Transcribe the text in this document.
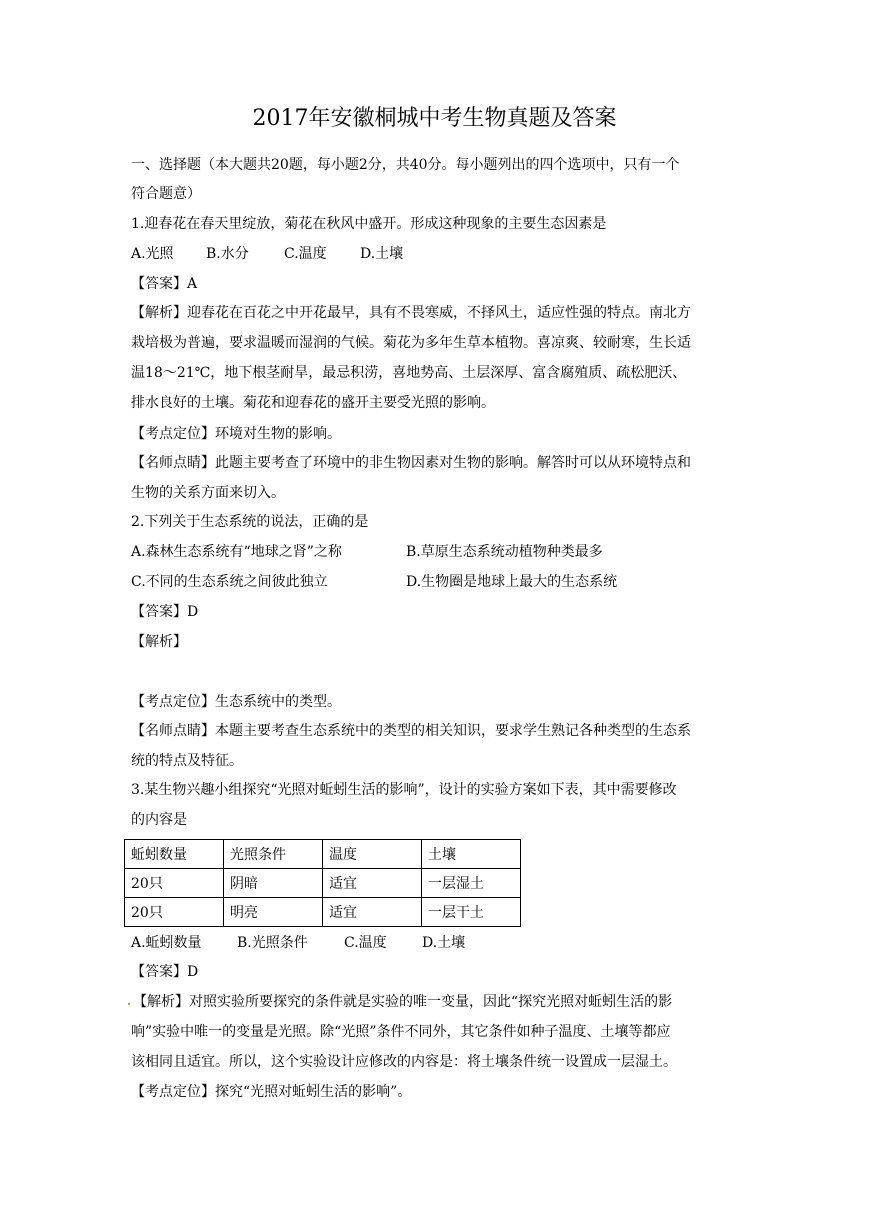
2017年安徽桐城中考生物真题及答案
一、选择题（本大题共20题，每小题2分，共40分。每小题列出的四个选项中，只有一个
符合题意）
1.迎春花在春天里绽放，菊花在秋风中盛开。形成这种现象的主要生态因素是
A.光照 B.水分	C.温度 D.土壤
【答案】A
【解析】迎春花在百花之中开花最早，具有不畏寒威，不择风土，适应性强的特点。南北方
栽培极为普遍，要求温暖而湿润的气候。菊花为多年生草本植物。喜凉爽、较耐寒，生长适
温18～21℃，地下根茎耐旱，最忌积涝，喜地势高、土层深厚、富含腐殖质、疏松肥沃、
排水良好的土壤。菊花和迎春花的盛开主要受光照的影响。
【考点定位】环境对生物的影响。
【名师点睛】此题主要考查了环境中的非生物因素对生物的影响。解答时可以从环境特点和
生物的关系方面来切入。
2.下列关于生态系统的说法，正确的是
A.森林生态系统有“地球之肾”之称	B.草原生态系统动植物种类最多
C.不同的生态系统之间彼此独立	D.生物圈是地球上最大的生态系统
【答案】D
【解析】
【考点定位】生态系统中的类型。
【名师点睛】本题主要考查生态系统中的类型的相关知识，要求学生熟记各种类型的生态系
统的特点及特征。
3.某生物兴趣小组探究“光照对蚯蚓生活的影响”，设计的实验方案如下表，其中需要修改
的内容是
蚯蚓数量	光照条件	温度	土壤
20只	阴暗	适宜	一层湿土
20只	明亮	适宜	一层干土
A.蚯蚓数量	B.光照条件	C.温度	D.土壤
【答案】D
. 【解析】对照实验所要探究的条件就是实验的唯一变量，因此“探究光照对蚯蚓生活的影
响”实验中唯一的变量是光照。除“光照”条件不同外，其它条件如种子温度、土壤等都应
该相同且适宜。所以，这个实验设计应修改的内容是：将土壤条件统一设置成一层湿土。
【考点定位】探究“光照对蚯蚓生活的影响”。
